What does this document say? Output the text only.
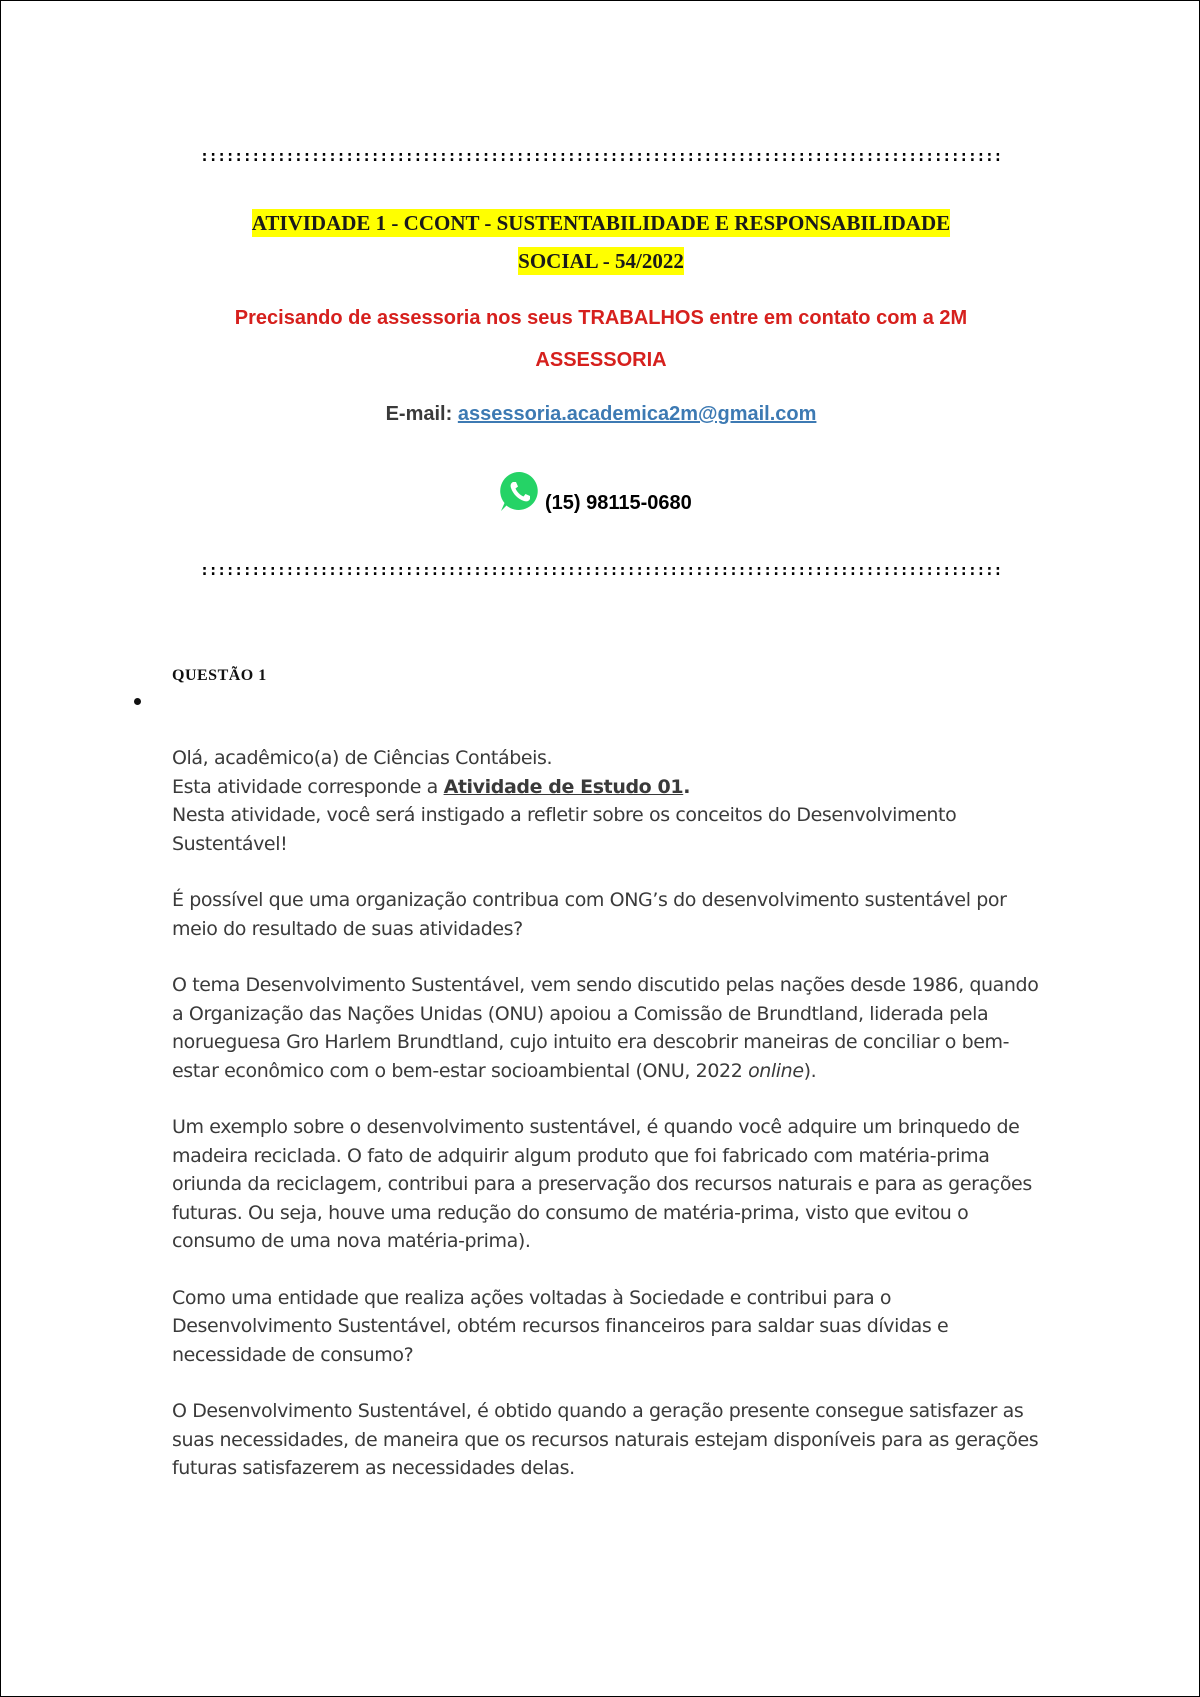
::::::::::::::::::::::::::::::::::::::::::::::::::::::::::::::::::::::::::::::::::::::::::::::
ATIVIDADE 1 - CCONT - SUSTENTABILIDADE E RESPONSABILIDADE
SOCIAL - 54/2022
Precisando de assessoria nos seus TRABALHOS entre em contato com a 2M
ASSESSORIA
E-mail: assessoria.academica2m@gmail.com
(15) 98115-0680
::::::::::::::::::::::::::::::::::::::::::::::::::::::::::::::::::::::::::::::::::::::::::::::
QUESTÃO 1

Olá, acadêmico(a) de Ciências Contábeis.
Esta atividade corresponde a Atividade de Estudo 01.
Nesta atividade, você será instigado a refletir sobre os conceitos do Desenvolvimento Sustentável!

É possível que uma organização contribua com ONG’s do desenvolvimento sustentável por meio do resultado de suas atividades?

O tema Desenvolvimento Sustentável, vem sendo discutido pelas nações desde 1986, quando a Organização das Nações Unidas (ONU) apoiou a Comissão de Brundtland, liderada pela norueguesa Gro Harlem Brundtland, cujo intuito era descobrir maneiras de conciliar o bem-estar econômico com o bem-estar socioambiental (ONU, 2022 online).

Um exemplo sobre o desenvolvimento sustentável, é quando você adquire um brinquedo de madeira reciclada. O fato de adquirir algum produto que foi fabricado com matéria-prima oriunda da reciclagem, contribui para a preservação dos recursos naturais e para as gerações futuras. Ou seja, houve uma redução do consumo de matéria-prima, visto que evitou o consumo de uma nova matéria-prima).

Como uma entidade que realiza ações voltadas à Sociedade e contribui para o Desenvolvimento Sustentável, obtém recursos financeiros para saldar suas dívidas e necessidade de consumo?

O Desenvolvimento Sustentável, é obtido quando a geração presente consegue satisfazer as suas necessidades, de maneira que os recursos naturais estejam disponíveis para as gerações futuras satisfazerem as necessidades delas.
